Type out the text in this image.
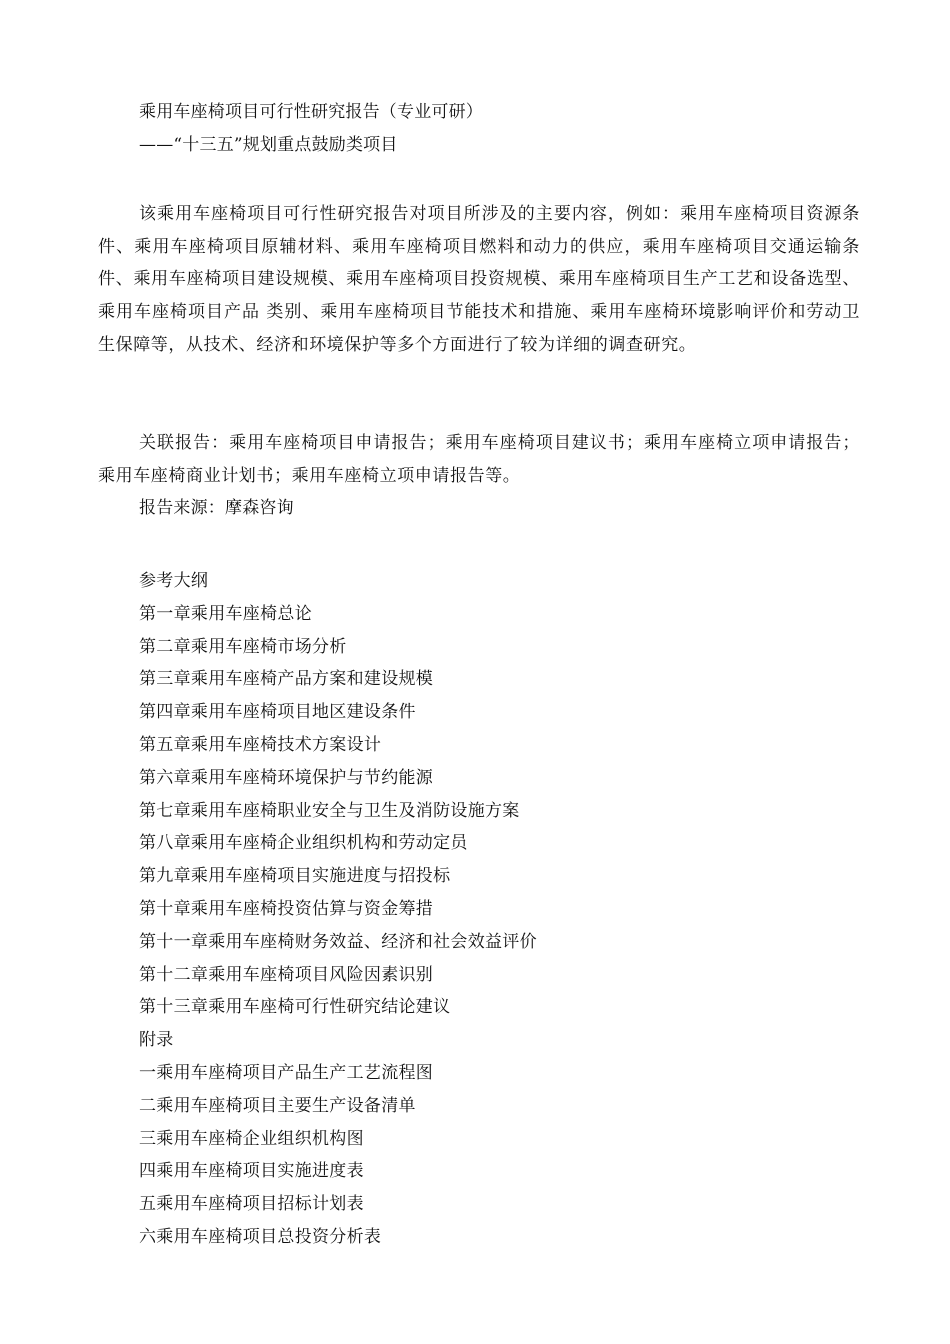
乘用车座椅项目可行性研究报告（专业可研）
——“十三五”规划重点鼓励类项目
该乘用车座椅项目可行性研究报告对项目所涉及的主要内容，例如：乘用车座椅项目资源条件、乘用车座椅项目原辅材料、乘用车座椅项目燃料和动力的供应，乘用车座椅项目交通运输条件、乘用车座椅项目建设规模、乘用车座椅项目投资规模、乘用车座椅项目生产工艺和设备选型、乘用车座椅项目产品 类别、乘用车座椅项目节能技术和措施、乘用车座椅环境影响评价和劳动卫生保障等，从技术、经济和环境保护等多个方面进行了较为详细的调查研究。
关联报告：乘用车座椅项目申请报告；乘用车座椅项目建议书；乘用车座椅立项申请报告；乘用车座椅商业计划书；乘用车座椅立项申请报告等。
报告来源：摩森咨询
参考大纲
第一章乘用车座椅总论
第二章乘用车座椅市场分析
第三章乘用车座椅产品方案和建设规模
第四章乘用车座椅项目地区建设条件
第五章乘用车座椅技术方案设计
第六章乘用车座椅环境保护与节约能源
第七章乘用车座椅职业安全与卫生及消防设施方案
第八章乘用车座椅企业组织机构和劳动定员
第九章乘用车座椅项目实施进度与招投标
第十章乘用车座椅投资估算与资金筹措
第十一章乘用车座椅财务效益、经济和社会效益评价
第十二章乘用车座椅项目风险因素识别
第十三章乘用车座椅可行性研究结论建议
附录
一乘用车座椅项目产品生产工艺流程图
二乘用车座椅项目主要生产设备清单
三乘用车座椅企业组织机构图
四乘用车座椅项目实施进度表
五乘用车座椅项目招标计划表
六乘用车座椅项目总投资分析表
